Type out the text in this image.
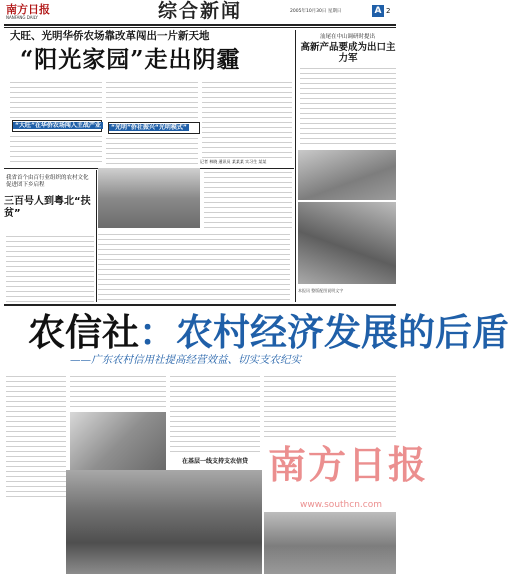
南方日报
NANFANG DAILY	综合新闻	2005年10月30日 星期日	A 2
大旺、光明华侨农场靠改革闯出一片新天地
“阳光家园”走出阴霾
“大旺”在华侨农场闯入主战产业	“光明”侨社振兴“光明模式”
记者 林晓 通讯员 某某某 实习生 某某
汕尾在中山调研时提出
高新产品要成为出口主力军
本报讯 整版配图说明文字
我省首个由百行业组织的农村文化促进团下乡启程
三百号人到粤北“扶贫”
农信社：农村经济发展的后盾
——广东农村信用社提高经营效益、切实支农纪实
在基层一线支持支农信贷 南方日报
www.southcn.com
